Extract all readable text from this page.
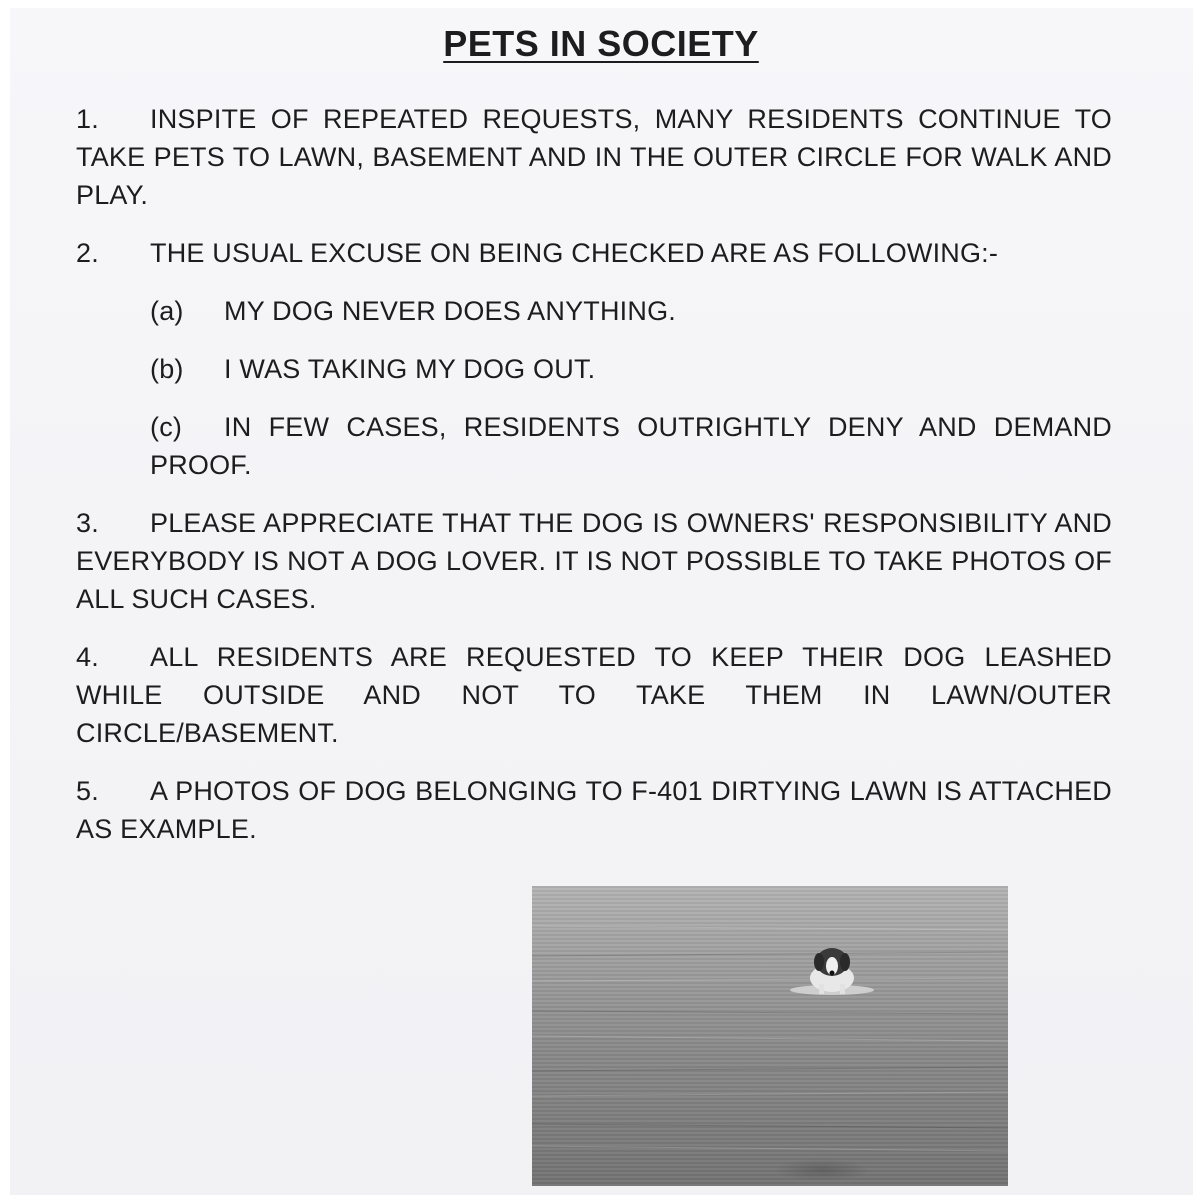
PETS IN SOCIETY
1. INSPITE OF REPEATED REQUESTS, MANY RESIDENTS CONTINUE TO TAKE PETS TO LAWN, BASEMENT AND IN THE OUTER CIRCLE FOR WALK AND PLAY.
2. THE USUAL EXCUSE ON BEING CHECKED ARE AS FOLLOWING:-
(a) MY DOG NEVER DOES ANYTHING.
(b) I WAS TAKING MY DOG OUT.
(c) IN FEW CASES, RESIDENTS OUTRIGHTLY DENY AND DEMAND PROOF.
3. PLEASE APPRECIATE THAT THE DOG IS OWNERS' RESPONSIBILITY AND EVERYBODY IS NOT A DOG LOVER. IT IS NOT POSSIBLE TO TAKE PHOTOS OF ALL SUCH CASES.
4. ALL RESIDENTS ARE REQUESTED TO KEEP THEIR DOG LEASHED WHILE OUTSIDE AND NOT TO TAKE THEM IN LAWN/OUTER CIRCLE/BASEMENT.
5. A PHOTOS OF DOG BELONGING TO F-401 DIRTYING LAWN IS ATTACHED AS EXAMPLE.
